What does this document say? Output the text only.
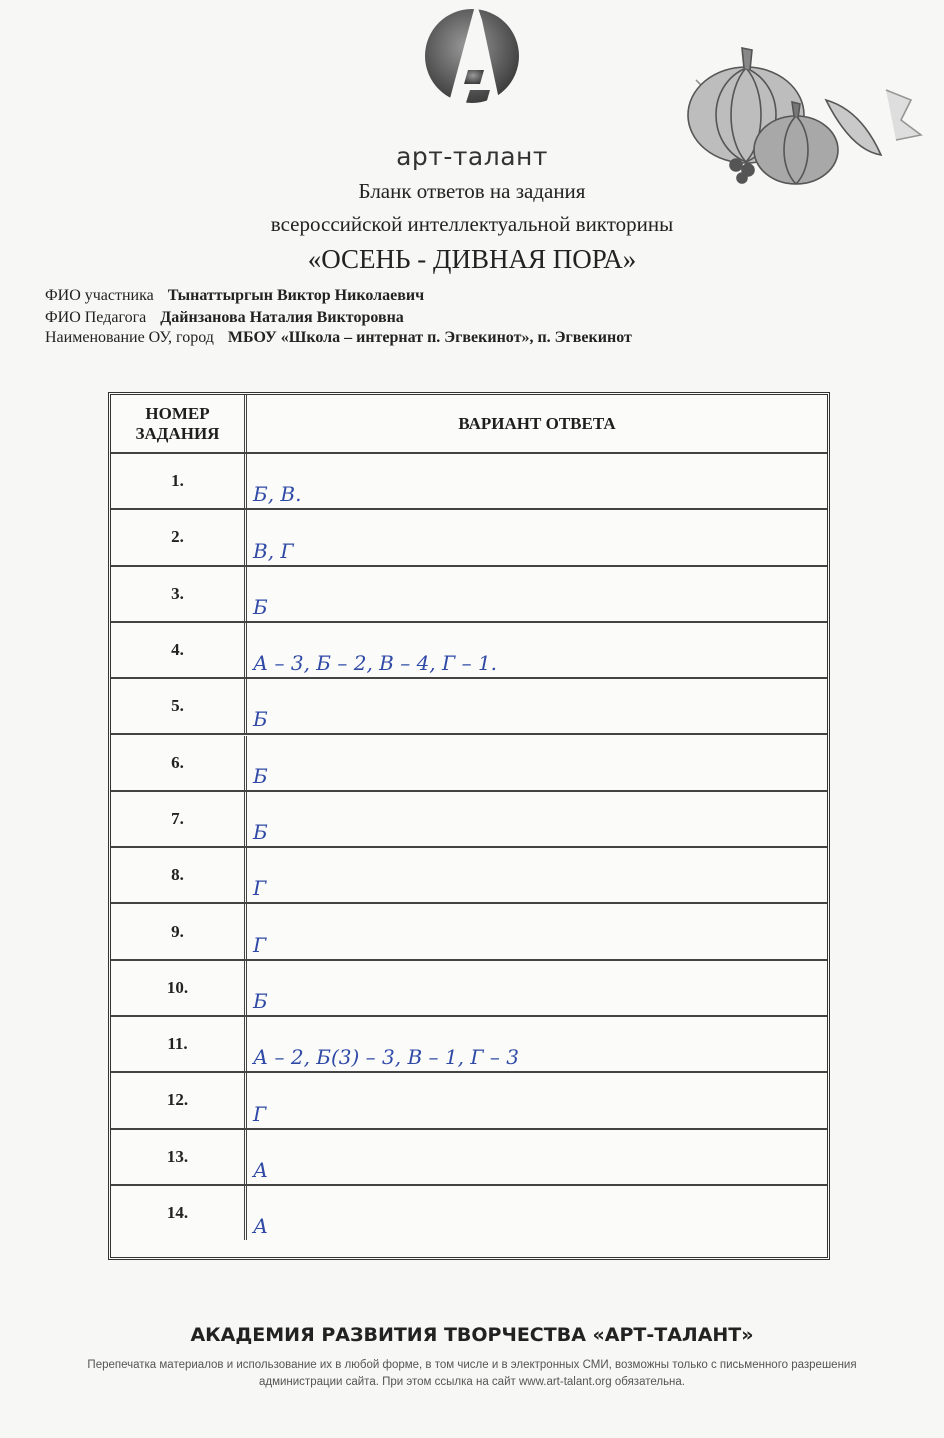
арт-талант
Бланк ответов на задания
всероссийской интеллектуальной викторины
«ОСЕНЬ - ДИВНАЯ ПОРА»
ФИО участника Тынаттыргын Виктор Николаевич
ФИО Педагога Дайнзанова Наталия Викторовна
Наименование ОУ, город МБОУ «Школа – интернат п. Эгвекинот», п. Эгвекинот
НОМЕР
ЗАДАНИЯ
ВАРИАНТ ОТВЕТА
1.
Б, В.
2.
В, Г
3.
Б
4.
А – 3, Б – 2, В – 4, Г – 1.
5.
Б
6.
Б
7.
Б
8.
Г
9.
Г
10.
Б
11.
А – 2, Б(3) – 3, В – 1, Г – 3
12.
Г
13.
А
14.
А
АКАДЕМИЯ РАЗВИТИЯ ТВОРЧЕСТВА «АРТ-ТАЛАНТ»
Перепечатка материалов и использование их в любой форме, в том числе и в электронных СМИ, возможны только с письменного разрешения администрации сайта. При этом ссылка на сайт www.art-talant.org обязательна.
